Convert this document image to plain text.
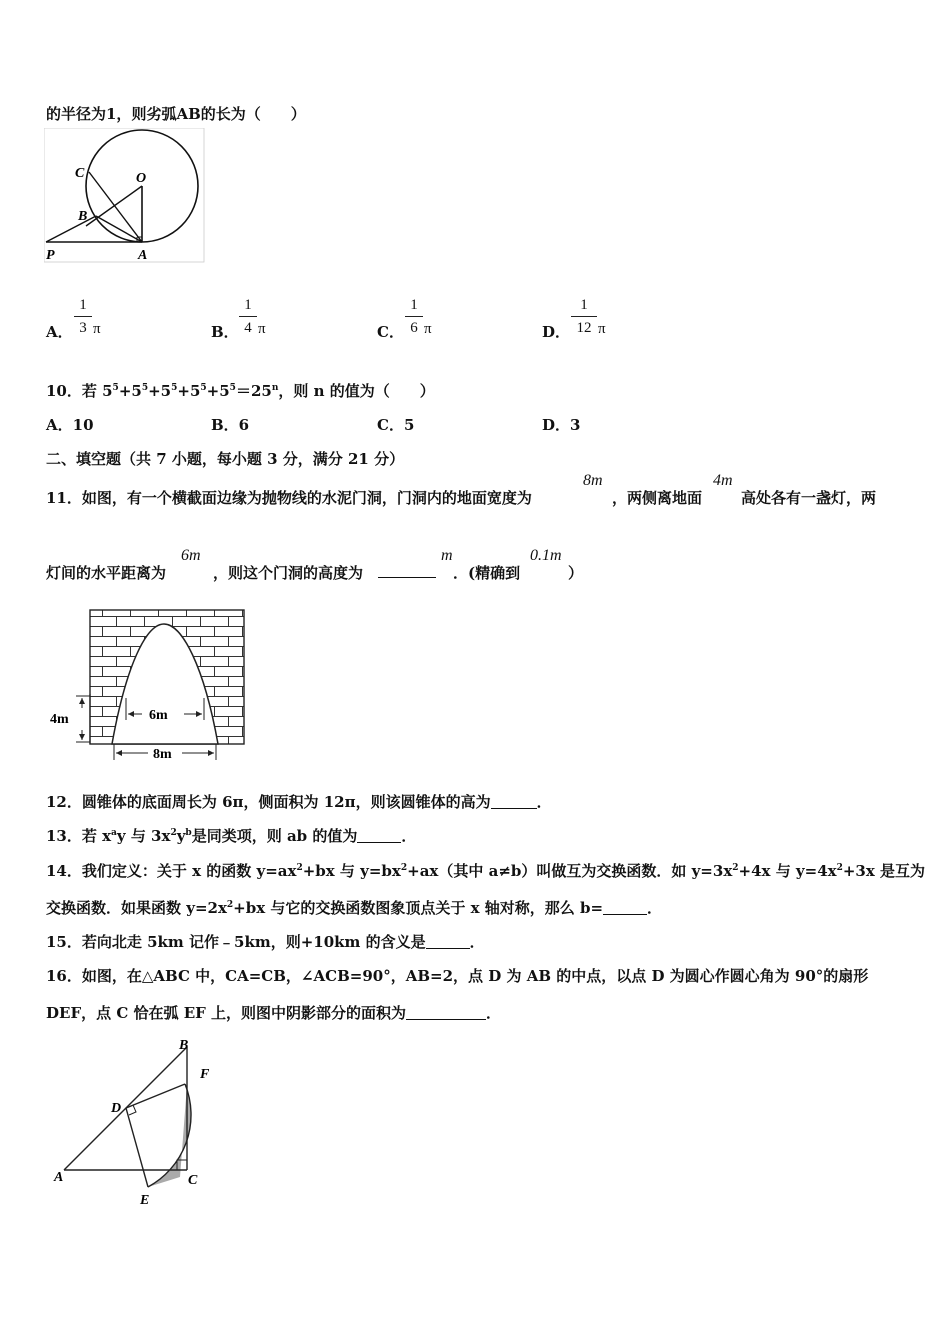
的半径为1，则劣弧AB的长为（　　）
C	O
B
P	A
A．
1
3 π	B．
1
4 π	C．
1
6 π	D．
1
12 π
10．若 $5^5+5^5+5^5+5^5+5^5=25^n$，则 n 的值为（　　）
A．10	B．6	C．5	D．3
二、填空题（共 7 小题，每小题 3 分，满分 21 分）
11．如图，有一个横截面边缘为抛物线的水泥门洞，门洞内的地面宽度为
8m
，两侧离地面
4m
高处各有一盏灯，两
灯间的水平距离为
6m
，则这个门洞的高度为
m
．(精确到
0.1m
）
4m	6m
8m
12．圆锥体的底面周长为 6π，侧面积为 12π，则该圆锥体的高为	．
13．若 $x^ay$ 与 $3x^2y^b$是同类项，则 ab 的值为	．
14．我们定义：关于 x 的函数 $y=ax^2+bx$ 与 $y=bx^2+ax$（其中 a≠b）叫做互为交换函数．如 $y=3x^2+4x$ 与 $y=4x^2+3x$ 是互为
交换函数．如果函数 $y=2x^2+bx$ 与它的交换函数图象顶点关于 x 轴对称，那么 b=	．
15．若向北走 5km 记作﹣5km，则+10km 的含义是	．
16．如图，在△ABC 中，CA=CB，∠ACB=90°，AB=2，点 D 为 AB 的中点，以点 D 为圆心作圆心角为 90°的扇形
DEF，点 C 恰在弧 EF 上，则图中阴影部分的面积为	．
B
F
D
A
E
C
